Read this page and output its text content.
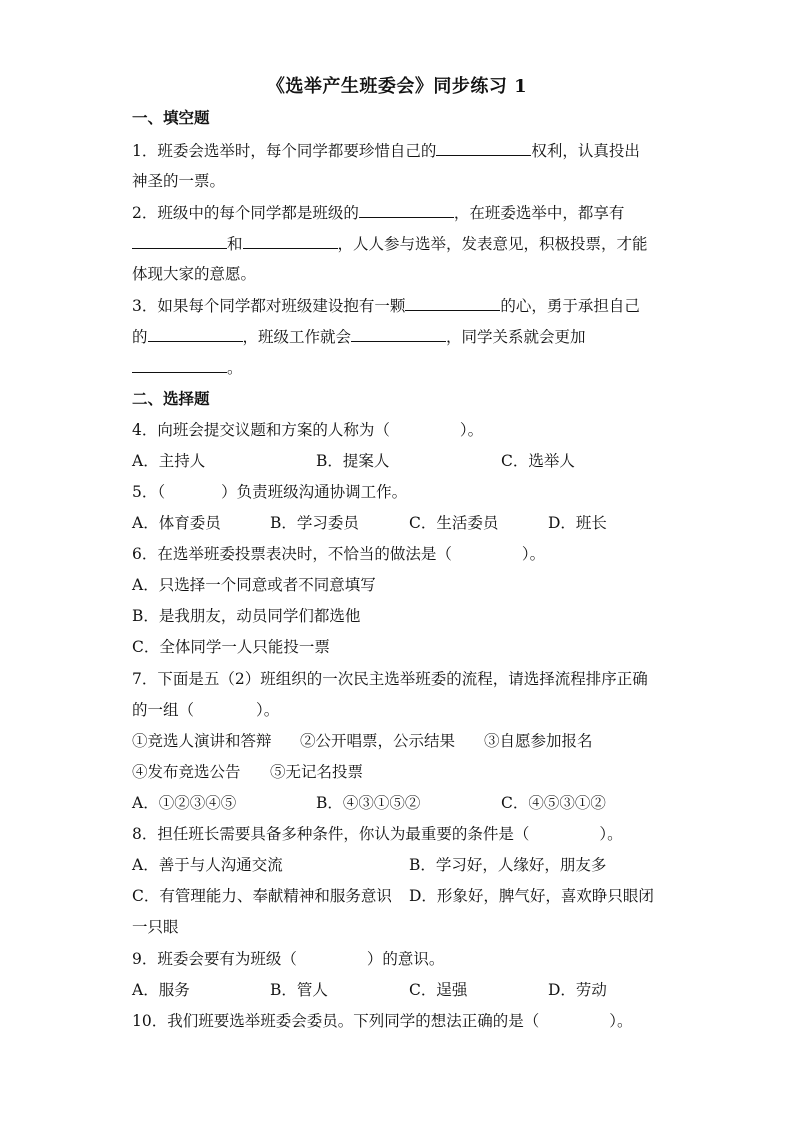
《选举产生班委会》同步练习 1
一、填空题
1．班委会选举时，每个同学都要珍惜自己的	权利，认真投出
神圣的一票。
2．班级中的每个同学都是班级的	，在班委选举中，都享有
和	，人人参与选举，发表意见，积极投票，才能
体现大家的意愿。
3．如果每个同学都对班级建设抱有一颗	的心，勇于承担自己
的	，班级工作就会	，同学关系就会更加
。
二、选择题
4．向班会提交议题和方案的人称为（	）。
A．主持人	B．提案人	C．选举人
5．（	）负责班级沟通协调工作。
A．体育委员	B．学习委员	C．生活委员	D．班长
6．在选举班委投票表决时，不恰当的做法是（	）。
A．只选择一个同意或者不同意填写
B．是我朋友，动员同学们都选他
C．全体同学一人只能投一票
7．下面是五（2）班组织的一次民主选举班委的流程，请选择流程排序正确
的一组（	）。
①竞选人演讲和答辩 ②公开唱票，公示结果 ③自愿参加报名
④发布竞选公告 ⑤无记名投票
A．①②③④⑤	B．④③①⑤②	C．④⑤③①②
8．担任班长需要具备多种条件，你认为最重要的条件是（	）。
A．善于与人沟通交流	B．学习好，人缘好，朋友多
C．有管理能力、奉献精神和服务意识 D．形象好，脾气好，喜欢睁只眼闭
一只眼
9．班委会要有为班级（	）的意识。
A．服务	B．管人	C．逞强	D．劳动
10．我们班要选举班委会委员。下列同学的想法正确的是（	）。
